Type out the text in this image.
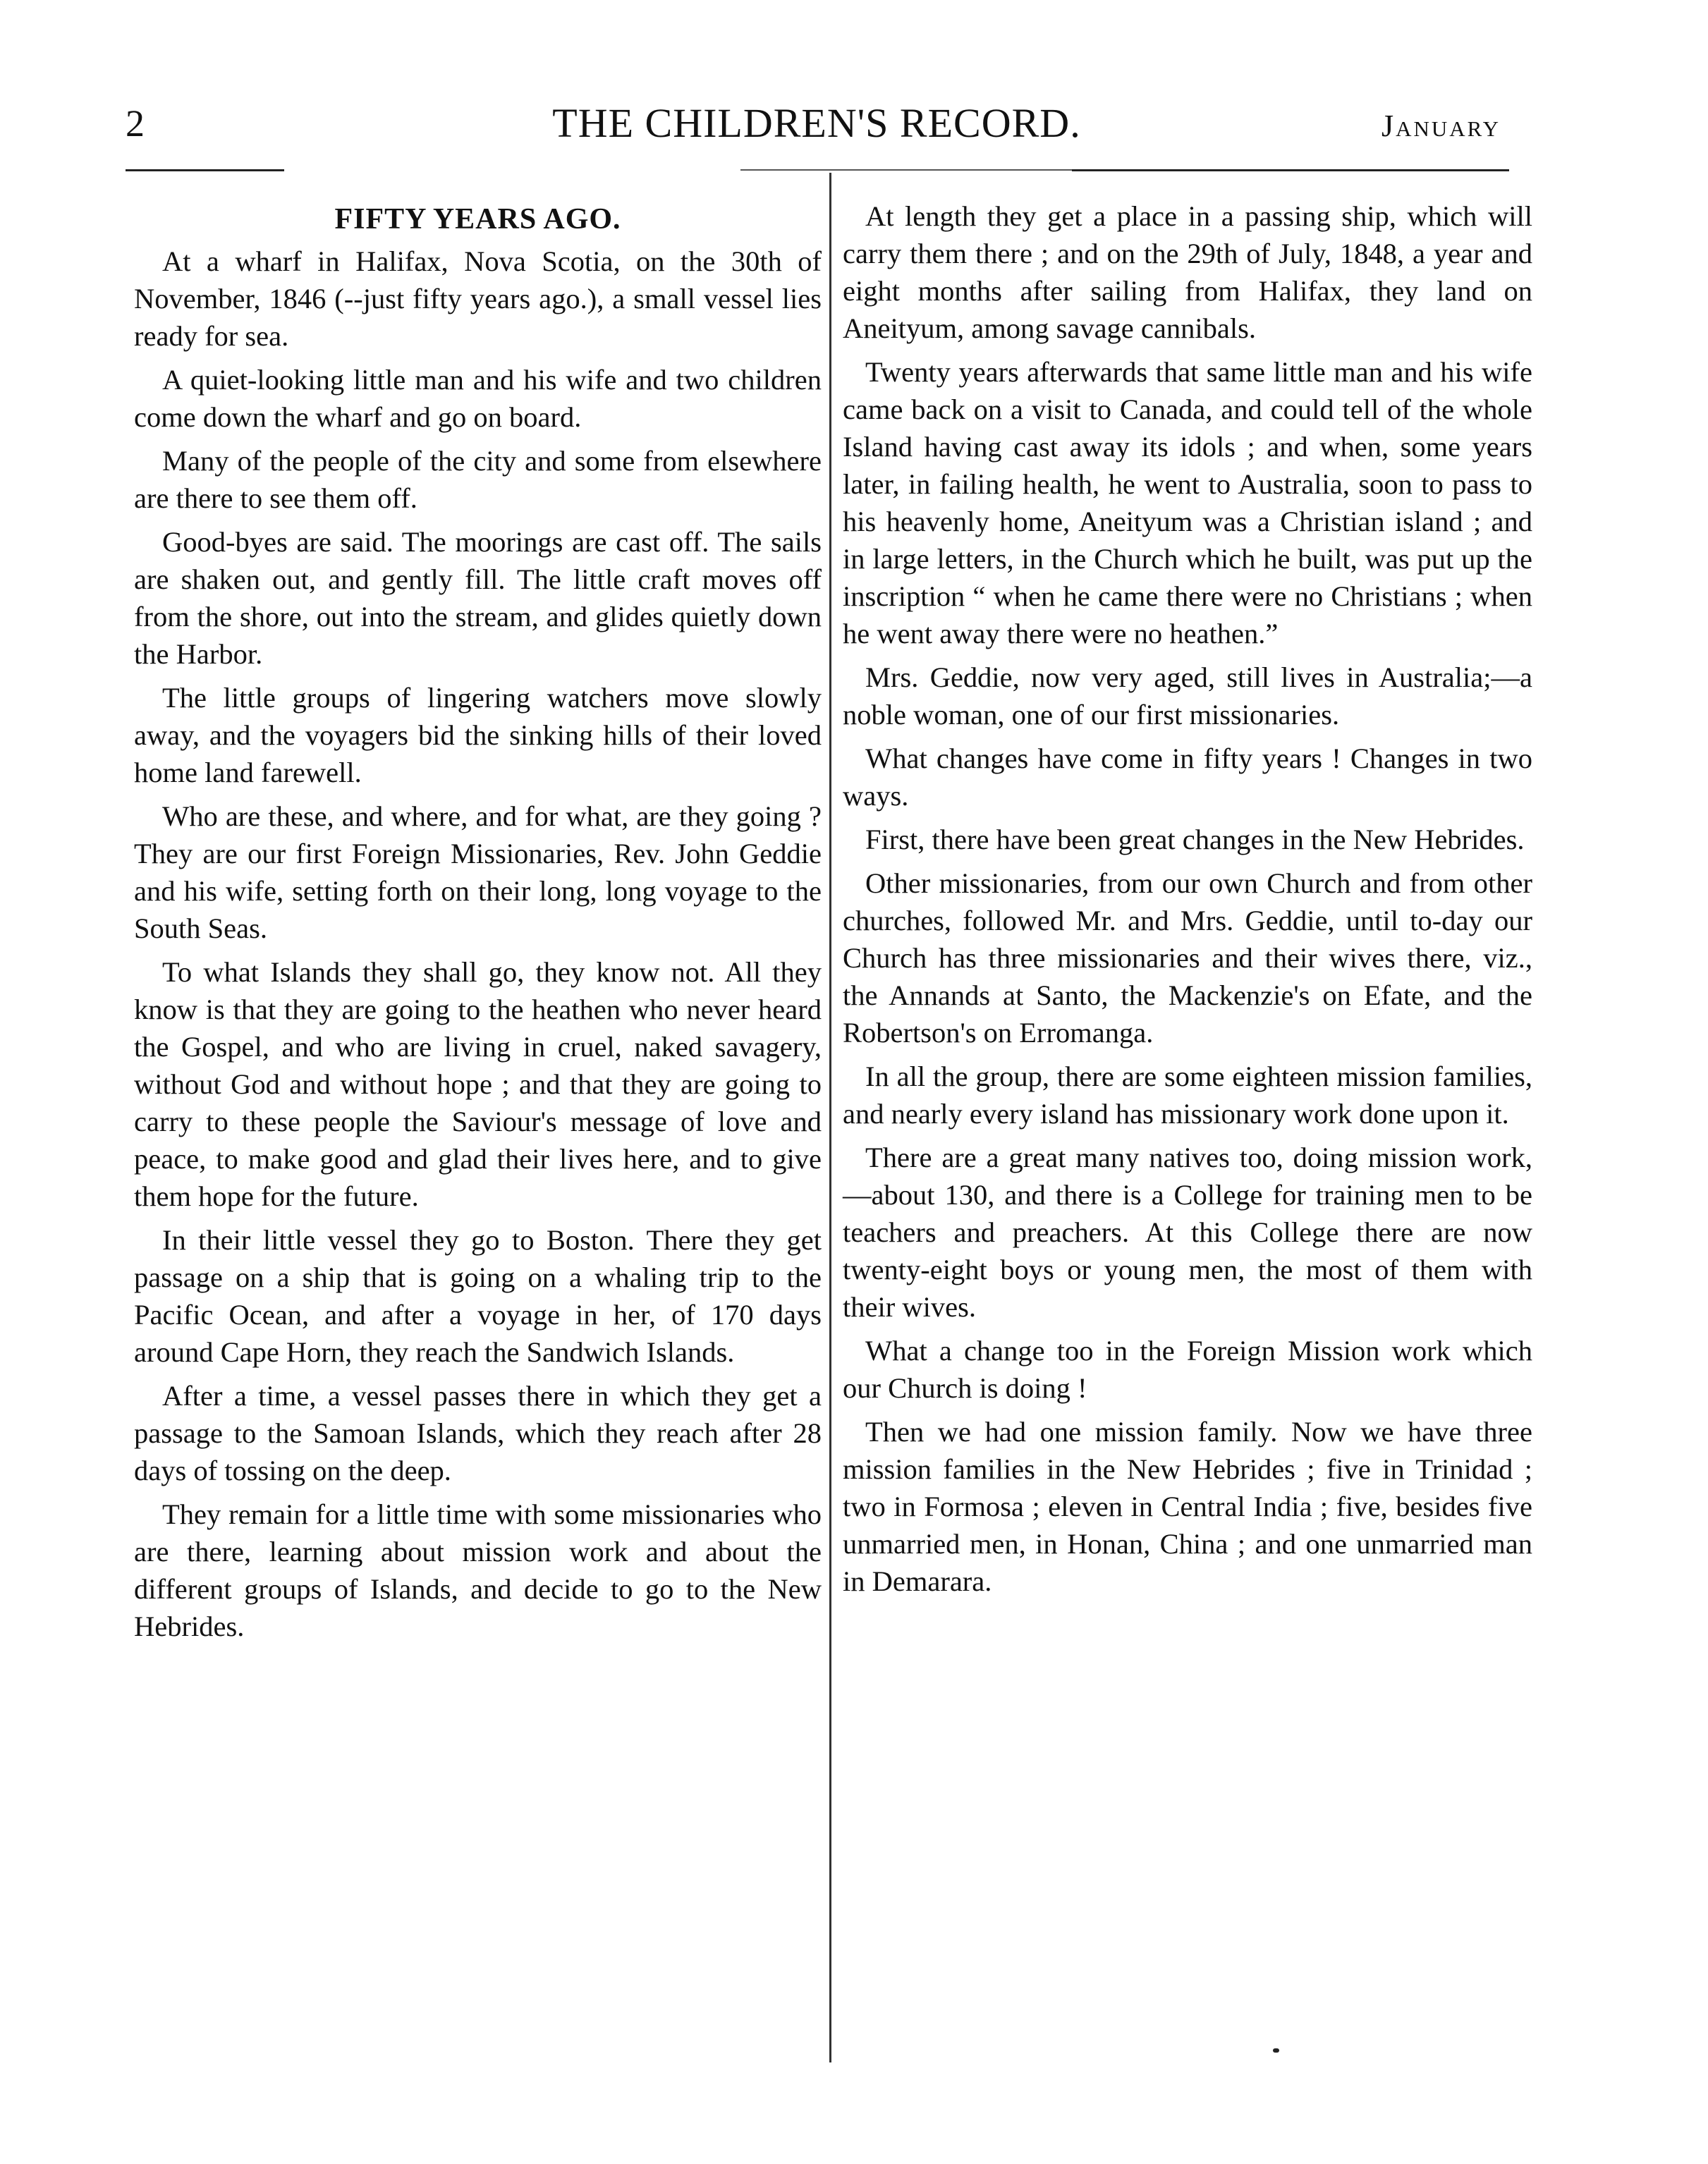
2	THE CHILDREN'S RECORD.	January
FIFTY YEARS AGO.

At a wharf in Halifax, Nova Scotia, on the 30th of November, 1846 (--just fifty years ago.), a small vessel lies ready for sea.

A quiet-looking little man and his wife and two children come down the wharf and go on board.

Many of the people of the city and some from elsewhere are there to see them off.

Good-byes are said. The moorings are cast off. The sails are shaken out, and gently fill. The little craft moves off from the shore, out into the stream, and glides quietly down the Harbor.

The little groups of lingering watchers move slowly away, and the voyagers bid the sinking hills of their loved home land farewell.

Who are these, and where, and for what, are they going ? They are our first Foreign Missionaries, Rev. John Geddie and his wife, setting forth on their long, long voyage to the South Seas.

To what Islands they shall go, they know not. All they know is that they are going to the heathen who never heard the Gospel, and who are living in cruel, naked savagery, without God and without hope ; and that they are going to carry to these people the Saviour's message of love and peace, to make good and glad their lives here, and to give them hope for the future.

In their little vessel they go to Boston. There they get passage on a ship that is going on a whaling trip to the Pacific Ocean, and after a voyage in her, of 170 days around Cape Horn, they reach the Sandwich Islands.

After a time, a vessel passes there in which they get a passage to the Samoan Islands, which they reach after 28 days of tossing on the deep.

They remain for a little time with some missionaries who are there, learning about mission work and about the different groups of Islands, and decide to go to the New Hebrides.

At length they get a place in a passing ship, which will carry them there ; and on the 29th of July, 1848, a year and eight months after sailing from Halifax, they land on Aneityum, among savage cannibals.

Twenty years afterwards that same little man and his wife came back on a visit to Canada, and could tell of the whole Island having cast away its idols ; and when, some years later, in failing health, he went to Australia, soon to pass to his heavenly home, Aneityum was a Christian island ; and in large letters, in the Church which he built, was put up the inscription “ when he came there were no Christians ; when he went away there were no heathen.”

Mrs. Geddie, now very aged, still lives in Australia;—a noble woman, one of our first missionaries.

What changes have come in fifty years ! Changes in two ways.

First, there have been great changes in the New Hebrides.

Other missionaries, from our own Church and from other churches, followed Mr. and Mrs. Geddie, until to-day our Church has three missionaries and their wives there, viz., the Annands at Santo, the Mackenzie's on Efate, and the Robertson's on Erromanga.

In all the group, there are some eighteen mission families, and nearly every island has missionary work done upon it.

There are a great many natives too, doing mission work,—about 130, and there is a College for training men to be teachers and preachers. At this College there are now twenty-eight boys or young men, the most of them with their wives.

What a change too in the Foreign Mission work which our Church is doing !

Then we had one mission family. Now we have three mission families in the New Hebrides ; five in Trinidad ; two in Formosa ; eleven in Central India ; five, besides five unmarried men, in Honan, China ; and one unmarried man in Demarara.
